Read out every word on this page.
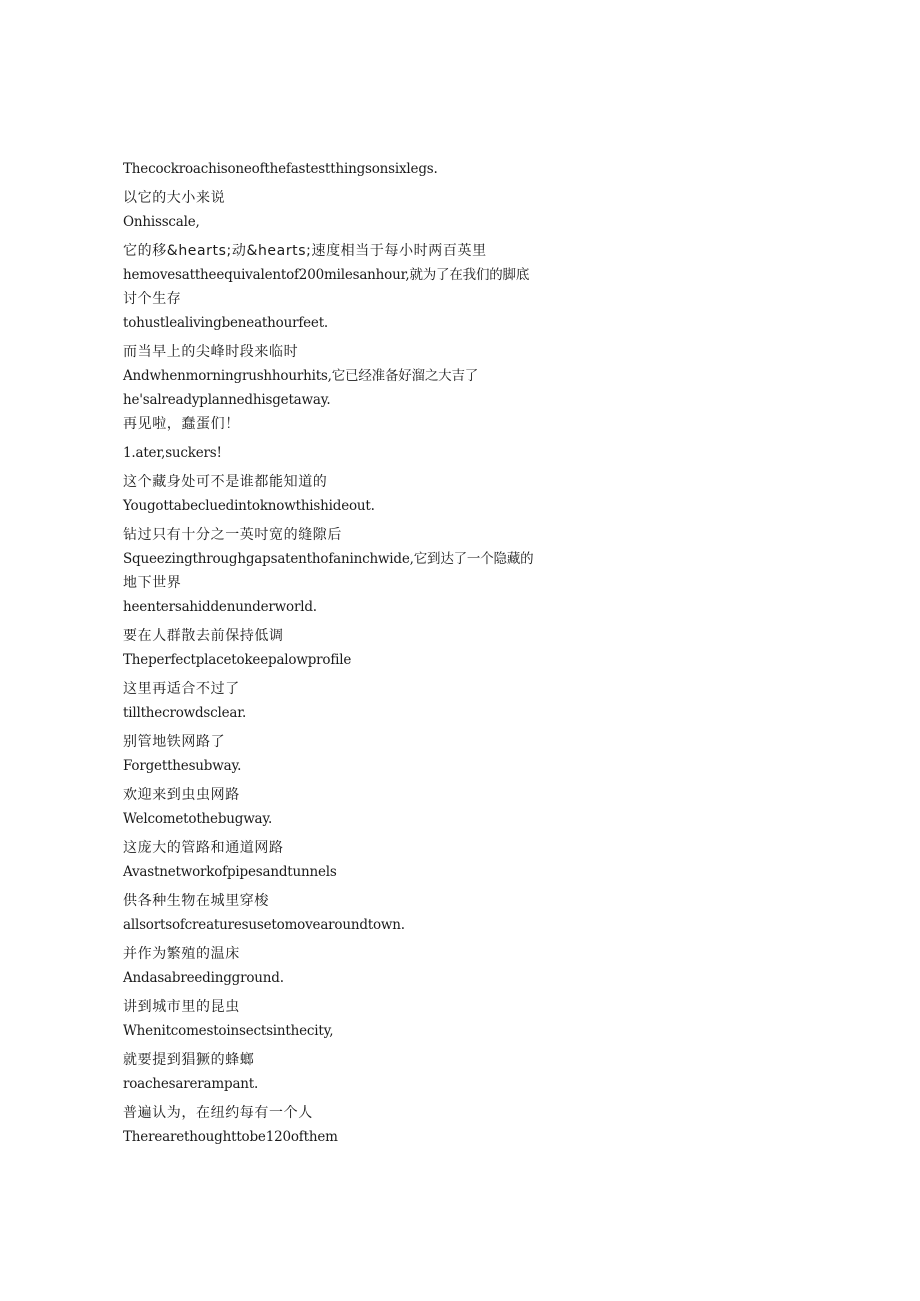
Thecockroachisoneofthefastestthingsonsixlegs.
以它的大小来说
Onhisscale,
它的移&hearts;动&hearts;速度相当于每小时两百英里
hemovesattheequivalentof200milesanhour,就为了在我们的脚底
讨个生存
tohustlealivingbeneathourfeet.
而当早上的尖峰时段来临时
Andwhenmorningrushhourhits,它已经准备好溜之大吉了
he'salreadyplannedhisgetaway.
再见啦，蠢蛋们！
1.ater,suckers!
这个藏身处可不是谁都能知道的
Yougottabecluedintoknowthishideout.
钻过只有十分之一英吋宽的缝隙后
Squeezingthroughgapsatenthofaninchwide,它到达了一个隐藏的
地下世界
heentersahiddenunderworld.
要在人群散去前保持低调
Theperfectplacetokeepalowprofile
这里再适合不过了
tillthecrowdsclear.
别管地铁网路了
Forgetthesubway.
欢迎来到虫虫网路
Welcometothebugway.
这庞大的管路和通道网路
Avastnetworkofpipesandtunnels
供各种生物在城里穿梭
allsortsofcreaturesusetomovearoundtown.
并作为繁殖的温床
Andasabreedingground.
讲到城市里的昆虫
Whenitcomestoinsectsinthecity,
就要提到猖獗的蜂螂
roachesarerampant.
普遍认为，在纽约每有一个人
Therearethoughttobe120ofthem
